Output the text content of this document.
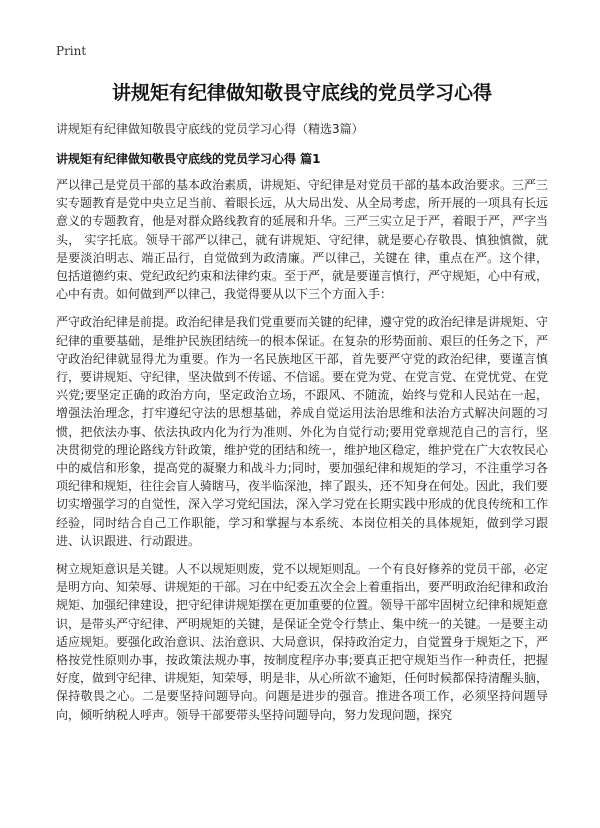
Print
讲规矩有纪律做知敬畏守底线的党员学习心得
讲规矩有纪律做知敬畏守底线的党员学习心得（精选3篇）
讲规矩有纪律做知敬畏守底线的党员学习心得 篇1

严以律己是党员干部的基本政治素质，讲规矩、守纪律是对党员干部的基本政治要求。三严三实专题教育是党中央立足当前、着眼长远，从大局出发、从全局考虑，所开展的一项具有长远意义的专题教育，他是对群众路线教育的延展和升华。三严三实立足于严，着眼于严，严字当头， 实字托底。领导干部严以律己，就有讲规矩、守纪律，就是要心存敬畏、慎独慎微，就是要淡泊明志、端正品行，自觉做到为政清廉。严以律己，关键在 律，重点在严。这个律，包括道德约束、党纪政纪约束和法律约束。至于严，就是要谨言慎行，严守规矩，心中有戒，心中有责。如何做到严以律己，我觉得要从以下三个方面入手：

严守政治纪律是前提。政治纪律是我们党重要而关键的纪律，遵守党的政治纪律是讲规矩、守纪律的重要基础，是维护民族团结统一的根本保证。在复杂的形势面前、艰巨的任务之下，严守政治纪律就显得尤为重要。作为一名民族地区干部，首先要严守党的政治纪律，要谨言慎行，要讲规矩、守纪律，坚决做到不传谣、不信谣。要在党为党、在党言党、在党忧党、在党兴党;要坚定正确的政治方向，坚定政治立场，不跟风、不随流，始终与党和人民站在一起，增强法治理念，打牢遵纪守法的思想基础，养成自觉运用法治思维和法治方式解决问题的习惯，把依法办事、依法执政内化为行为准则、外化为自觉行动;要用党章规范自己的言行，坚决贯彻党的理论路线方针政策，维护党的团结和统一，维护地区稳定，维护党在广大农牧民心中的威信和形象，提高党的凝聚力和战斗力;同时，要加强纪律和规矩的学习，不注重学习各项纪律和规矩，往往会盲人骑瞎马，夜半临深池，摔了跟头，还不知身在何处。因此，我们要切实增强学习的自觉性，深入学习党纪国法，深入学习党在长期实践中形成的优良传统和工作经验，同时结合自己工作职能，学习和掌握与本系统、本岗位相关的具体规矩，做到学习跟进、认识跟进、行动跟进。

树立规矩意识是关键。人不以规矩则废，党不以规矩则乱。一个有良好修养的党员干部，必定是明方向、知荣辱、讲规矩的干部。习在中纪委五次全会上着重指出，要严明政治纪律和政治规矩、加强纪律建设，把守纪律讲规矩摆在更加重要的位置。领导干部牢固树立纪律和规矩意识，是带头严守纪律、严明规矩的关键，是保证全党令行禁止、集中统一的关键。一是要主动适应规矩。要强化政治意识、法治意识、大局意识，保持政治定力，自觉置身于规矩之下，严格按党性原则办事，按政策法规办事，按制度程序办事;要真正把守规矩当作一种责任，把握好度，做到守纪律、讲规矩，知荣辱，明是非，从心所欲不逾矩，任何时候都保持清醒头脑，保持敬畏之心。二是要坚持问题导向。问题是进步的强音。推进各项工作，必须坚持问题导向，倾听纳税人呼声。领导干部要带头坚持问题导向，努力发现问题，探究
